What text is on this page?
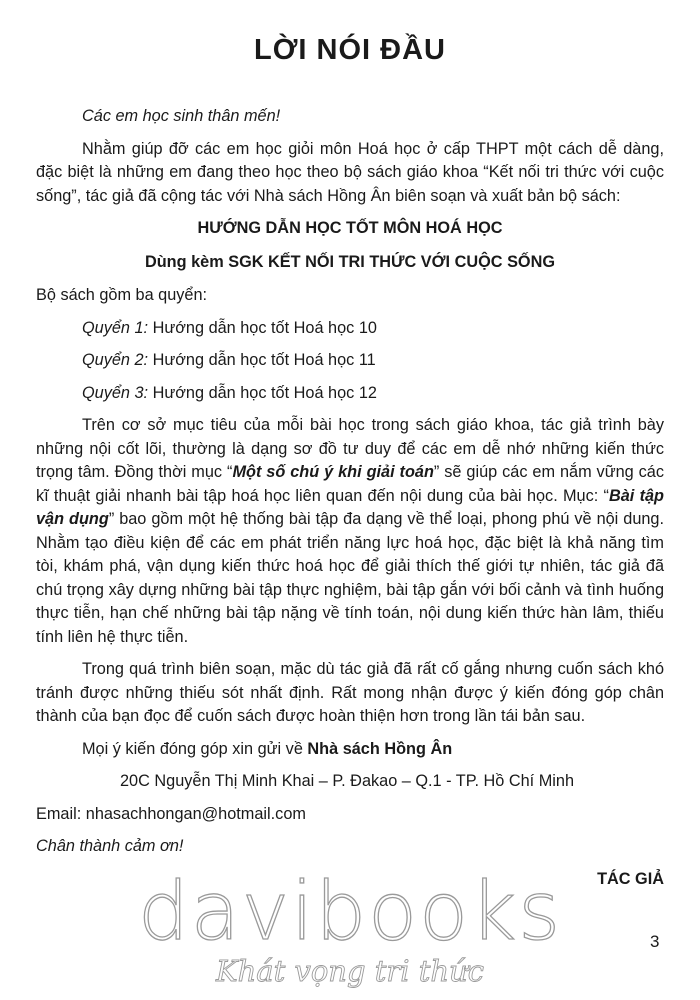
LỜI NÓI ĐẦU

Các em học sinh thân mến!

Nhằm giúp đỡ các em học giỏi môn Hoá học ở cấp THPT một cách dễ dàng, đặc biệt là những em đang theo học theo bộ sách giáo khoa “Kết nối tri thức với cuộc sống”, tác giả đã cộng tác với Nhà sách Hồng Ân biên soạn và xuất bản bộ sách:

HƯỚNG DẪN HỌC TỐT MÔN HOÁ HỌC

Dùng kèm SGK KẾT NỐI TRI THỨC VỚI CUỘC SỐNG

Bộ sách gồm ba quyển:

Quyển 1: Hướng dẫn học tốt Hoá học 10

Quyển 2: Hướng dẫn học tốt Hoá học 11

Quyển 3: Hướng dẫn học tốt Hoá học 12

Trên cơ sở mục tiêu của mỗi bài học trong sách giáo khoa, tác giả trình bày những nội cốt lõi, thường là dạng sơ đồ tư duy để các em dễ nhớ những kiến thức trọng tâm. Đồng thời mục “Một số chú ý khi giải toán” sẽ giúp các em nắm vững các kĩ thuật giải nhanh bài tập hoá học liên quan đến nội dung của bài học. Mục: “Bài tập vận dụng” bao gồm một hệ thống bài tập đa dạng về thể loại, phong phú về nội dung. Nhằm tạo điều kiện để các em phát triển năng lực hoá học, đặc biệt là khả năng tìm tòi, khám phá, vận dụng kiến thức hoá học để giải thích thế giới tự nhiên, tác giả đã chú trọng xây dựng những bài tập thực nghiệm, bài tập gắn với bối cảnh và tình huống thực tiễn, hạn chế những bài tập nặng về tính toán, nội dung kiến thức hàn lâm, thiếu tính liên hệ thực tiễn.

Trong quá trình biên soạn, mặc dù tác giả đã rất cố gắng nhưng cuốn sách khó tránh được những thiếu sót nhất định. Rất mong nhận được ý kiến đóng góp chân thành của bạn đọc để cuốn sách được hoàn thiện hơn trong lần tái bản sau.

Mọi ý kiến đóng góp xin gửi về Nhà sách Hồng Ân

20C Nguyễn Thị Minh Khai – P. Đakao – Q.1 - TP. Hồ Chí Minh

Email: nhasachhongan@hotmail.com

Chân thành cảm ơn!

TÁC GIẢ

davibooks
Khát vọng tri thức
3
